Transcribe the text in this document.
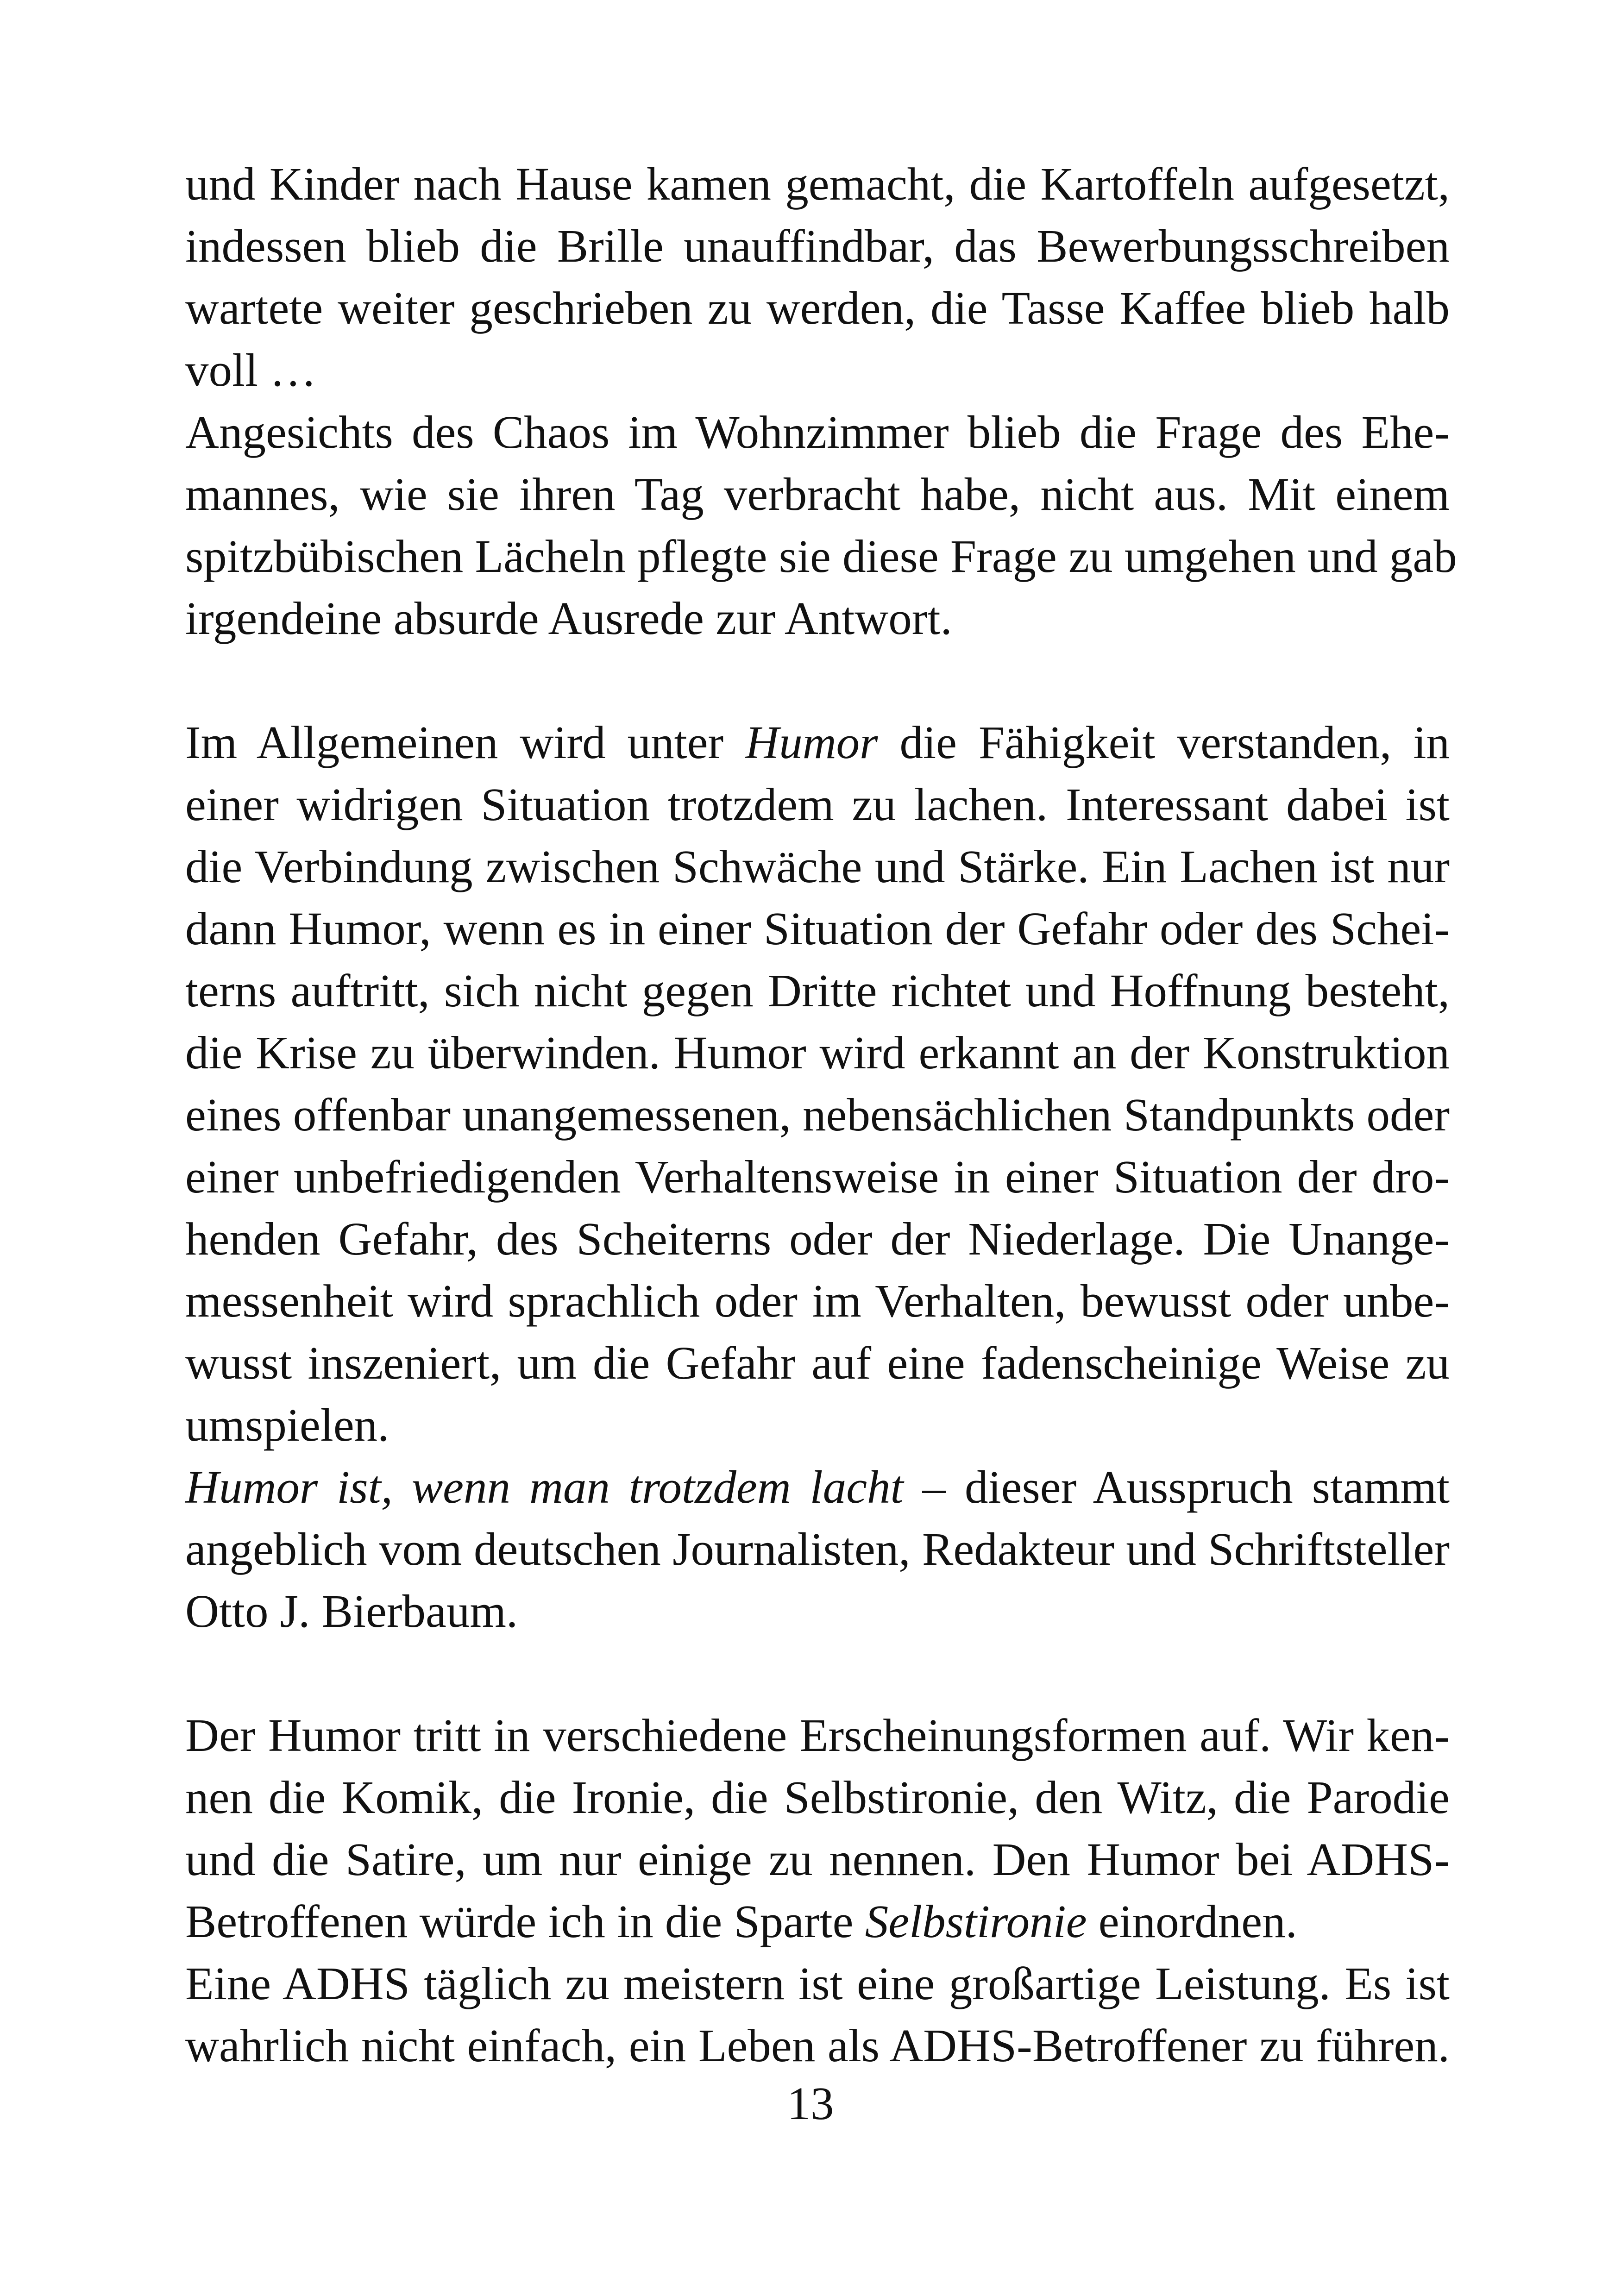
und Kinder nach Hause kamen gemacht, die Kartoffeln aufgesetzt,
indessen blieb die Brille unauffindbar, das Bewerbungsschreiben
wartete weiter geschrieben zu werden, die Tasse Kaffee blieb halb
voll …
Angesichts des Chaos im Wohnzimmer blieb die Frage des Ehe-
mannes, wie sie ihren Tag verbracht habe, nicht aus. Mit einem
spitzbübischen Lächeln pflegte sie diese Frage zu umgehen und gab
irgendeine absurde Ausrede zur Antwort.
Im Allgemeinen wird unter Humor die Fähigkeit verstanden, in
einer widrigen Situation trotzdem zu lachen. Interessant dabei ist
die Verbindung zwischen Schwäche und Stärke. Ein Lachen ist nur
dann Humor, wenn es in einer Situation der Gefahr oder des Schei-
terns auftritt, sich nicht gegen Dritte richtet und Hoffnung besteht,
die Krise zu überwinden. Humor wird erkannt an der Konstruktion
eines offenbar unangemessenen, nebensächlichen Standpunkts oder
einer unbefriedigenden Verhaltensweise in einer Situation der dro-
henden Gefahr, des Scheiterns oder der Niederlage. Die Unange-
messenheit wird sprachlich oder im Verhalten, bewusst oder unbe-
wusst inszeniert, um die Gefahr auf eine fadenscheinige Weise zu
umspielen.
Humor ist, wenn man trotzdem lacht – dieser Ausspruch stammt
angeblich vom deutschen Journalisten, Redakteur und Schriftsteller
Otto J. Bierbaum.
Der Humor tritt in verschiedene Erscheinungsformen auf. Wir ken-
nen die Komik, die Ironie, die Selbstironie, den Witz, die Parodie
und die Satire, um nur einige zu nennen. Den Humor bei ADHS-
Betroffenen würde ich in die Sparte Selbstironie einordnen.
Eine ADHS täglich zu meistern ist eine großartige Leistung. Es ist
wahrlich nicht einfach, ein Leben als ADHS-Betroffener zu führen.
13
